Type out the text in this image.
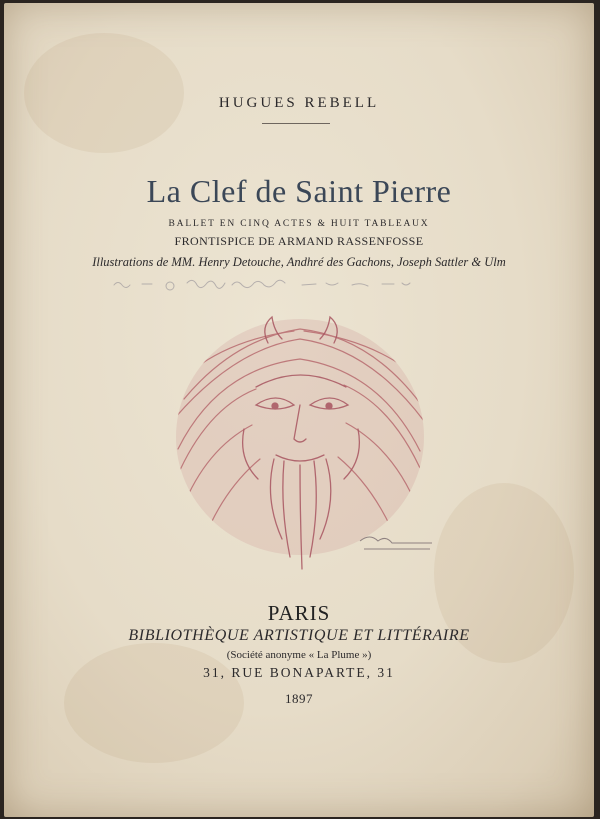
HUGUES REBELL
La Clef de Saint Pierre
BALLET EN CINQ ACTES & HUIT TABLEAUX
FRONTISPICE DE ARMAND RASSENFOSSE
Illustrations de MM. Henry Detouche, Andhré des Gachons, Joseph Sattler & Ulm
PARIS
BIBLIOTHÈQUE ARTISTIQUE ET LITTÉRAIRE
(Société anonyme « La Plume »)
31, RUE BONAPARTE, 31
1897
